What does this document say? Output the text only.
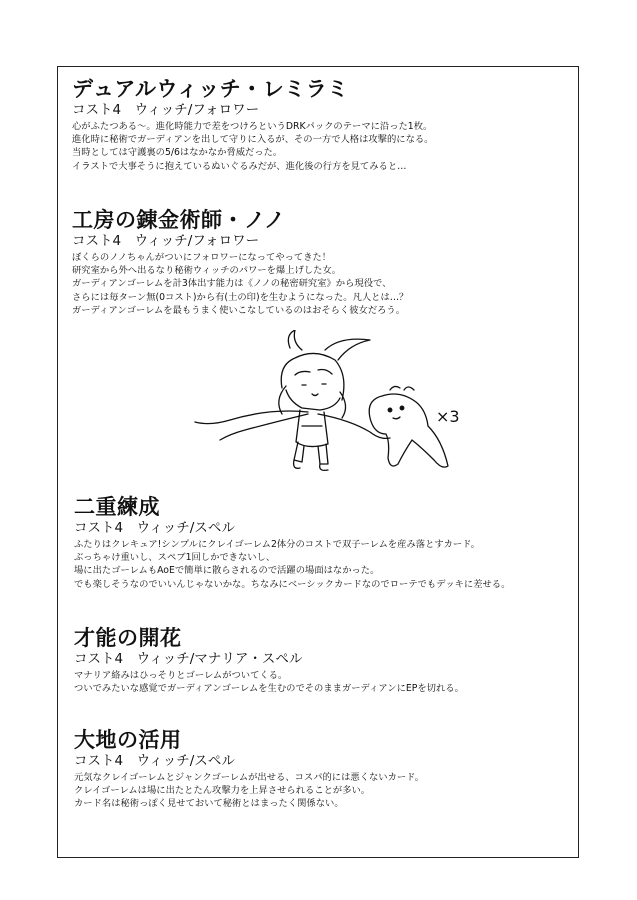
デュアルウィッチ・レミラミ
コスト4　ウィッチ/フォロワー
心がふたつある〜。進化時能力で差をつけろというDRKパックのテーマに沿った1枚。
進化時に秘術でガーディアンを出して守りに入るが、その一方で人格は攻撃的になる。
当時としては守護裏の5/6はなかなか脅威だった。
イラストで大事そうに抱えているぬいぐるみだが、進化後の行方を見てみると…
工房の錬金術師・ノノ
コスト4　ウィッチ/フォロワー
ぼくらのノノちゃんがついにフォロワーになってやってきた！
研究室から外へ出るなり秘術ウィッチのパワーを爆上げした女。
ガーディアンゴーレムを計3体出す能力は《ノノの秘密研究室》から現役で、
さらには毎ターン無(0コスト)から有(土の印)を生むようになった。凡人とは…？
ガーディアンゴーレムを最もうまく使いこなしているのはおそらく彼女だろう。
二重練成
コスト4　ウィッチ/スペル
ふたりはクレキュア!シンプルにクレイゴーレム2体分のコストで双子ーレムを産み落とすカード。
ぶっちゃけ重いし、スペブ1回しかできないし、
場に出たゴーレムもAoEで簡単に散らされるので活躍の場面はなかった。
でも楽しそうなのでいいんじゃないかな。ちなみにベーシックカードなのでローテでもデッキに差せる。
才能の開花
コスト4　ウィッチ/マナリア・スペル
マナリア絡みはひっそりとゴーレムがついてくる。
ついでみたいな感覚でガーディアンゴーレムを生むのでそのままガーディアンにEPを切れる。
大地の活用
コスト4　ウィッチ/スペル
元気なクレイゴーレムとジャンクゴーレムが出せる、コスパ的には悪くないカード。
クレイゴーレムは場に出たとたん攻撃力を上昇させられることが多い。
カード名は秘術っぽく見せておいて秘術とはまったく関係ない。
×3
